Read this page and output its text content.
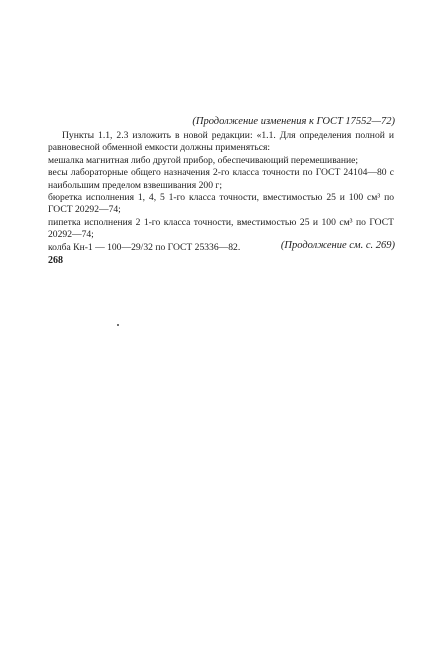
(Продолжение изменения к ГОСТ 17552—72)

Пункты 1.1, 2.3 изложить в новой редакции: «1.1. Для определения полной и равновесной обменной емкости должны применяться:

мешалка магнитная либо другой прибор, обеспечивающий перемешивание;

весы лабораторные общего назначения 2-го класса точности по ГОСТ 24104—80 с наибольшим пределом взвешивания 200 г;

бюретка исполнения 1, 4, 5 1-го класса точности, вместимостью 25 и 100 см³ по ГОСТ 20292—74;

пипетка исполнения 2 1-го класса точности, вместимостью 25 и 100 см³ по ГОСТ 20292—74;

колба Кн-1 — 100—29/32 по ГОСТ 25336—82.	(Продолжение см. с. 269)
268
